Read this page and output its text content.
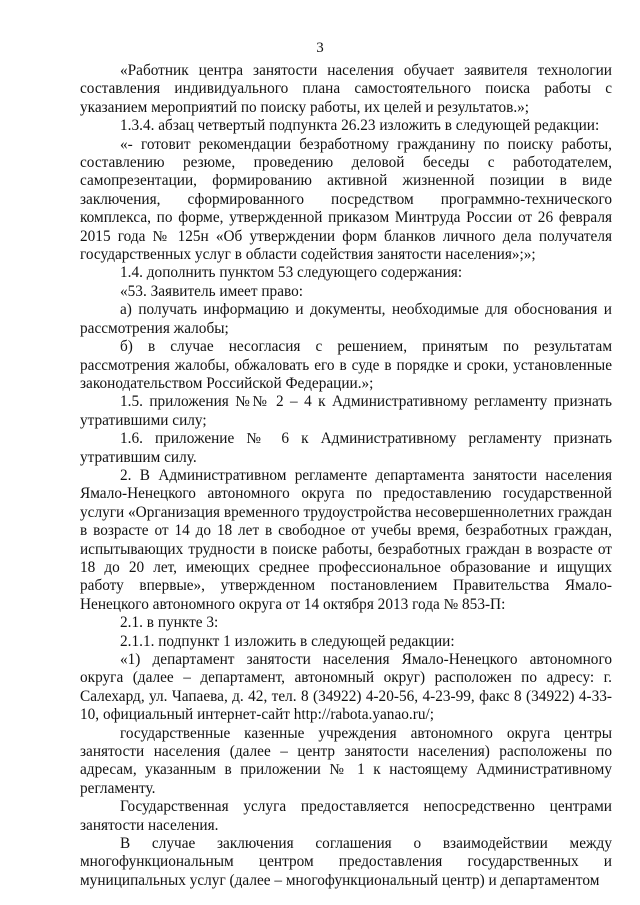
3

«Работник центра занятости населения обучает заявителя технологии составления индивидуального плана самостоятельного поиска работы с указанием мероприятий по поиску работы, их целей и результатов.»;

1.3.4. абзац четвертый подпункта 26.23 изложить в следующей редакции:

«- готовит рекомендации безработному гражданину по поиску работы, составлению резюме, проведению деловой беседы с работодателем, самопрезентации, формированию активной жизненной позиции в виде заключения, сформированного посредством программно-технического комплекса, по форме, утвержденной приказом Минтруда России от 26 февраля 2015 года № 125н «Об утверждении форм бланков личного дела получателя государственных услуг в области содействия занятости населения»;»;

1.4. дополнить пунктом 53 следующего содержания:

«53. Заявитель имеет право:

а) получать информацию и документы, необходимые для обоснования и рассмотрения жалобы;

б) в случае несогласия с решением, принятым по результатам рассмотрения жалобы, обжаловать его в суде в порядке и сроки, установленные законодательством Российской Федерации.»;

1.5. приложения №№ 2 – 4 к Административному регламенту признать утратившими силу;

1.6. приложение № 6 к Административному регламенту признать утратившим силу.

2. В Административном регламенте департамента занятости населения Ямало-Ненецкого автономного округа по предоставлению государственной услуги «Организация временного трудоустройства несовершеннолетних граждан в возрасте от 14 до 18 лет в свободное от учебы время, безработных граждан, испытывающих трудности в поиске работы, безработных граждан в возрасте от 18 до 20 лет, имеющих среднее профессиональное образование и ищущих работу впервые», утвержденном постановлением Правительства Ямало-Ненецкого автономного округа от 14 октября 2013 года № 853-П:

2.1. в пункте 3:

2.1.1. подпункт 1 изложить в следующей редакции:

«1) департамент занятости населения Ямало-Ненецкого автономного округа (далее – департамент, автономный округ) расположен по адресу: г. Салехард, ул. Чапаева, д. 42, тел. 8 (34922) 4-20-56, 4-23-99, факс 8 (34922) 4-33-10, официальный интернет-сайт http://rabota.yanao.ru/;

государственные казенные учреждения автономного округа центры занятости населения (далее – центр занятости населения) расположены по адресам, указанным в приложении № 1 к настоящему Административному регламенту.

Государственная услуга предоставляется непосредственно центрами занятости населения.

В случае заключения соглашения о взаимодействии между многофункциональным центром предоставления государственных и муниципальных услуг (далее – многофункциональный центр) и департаментом
